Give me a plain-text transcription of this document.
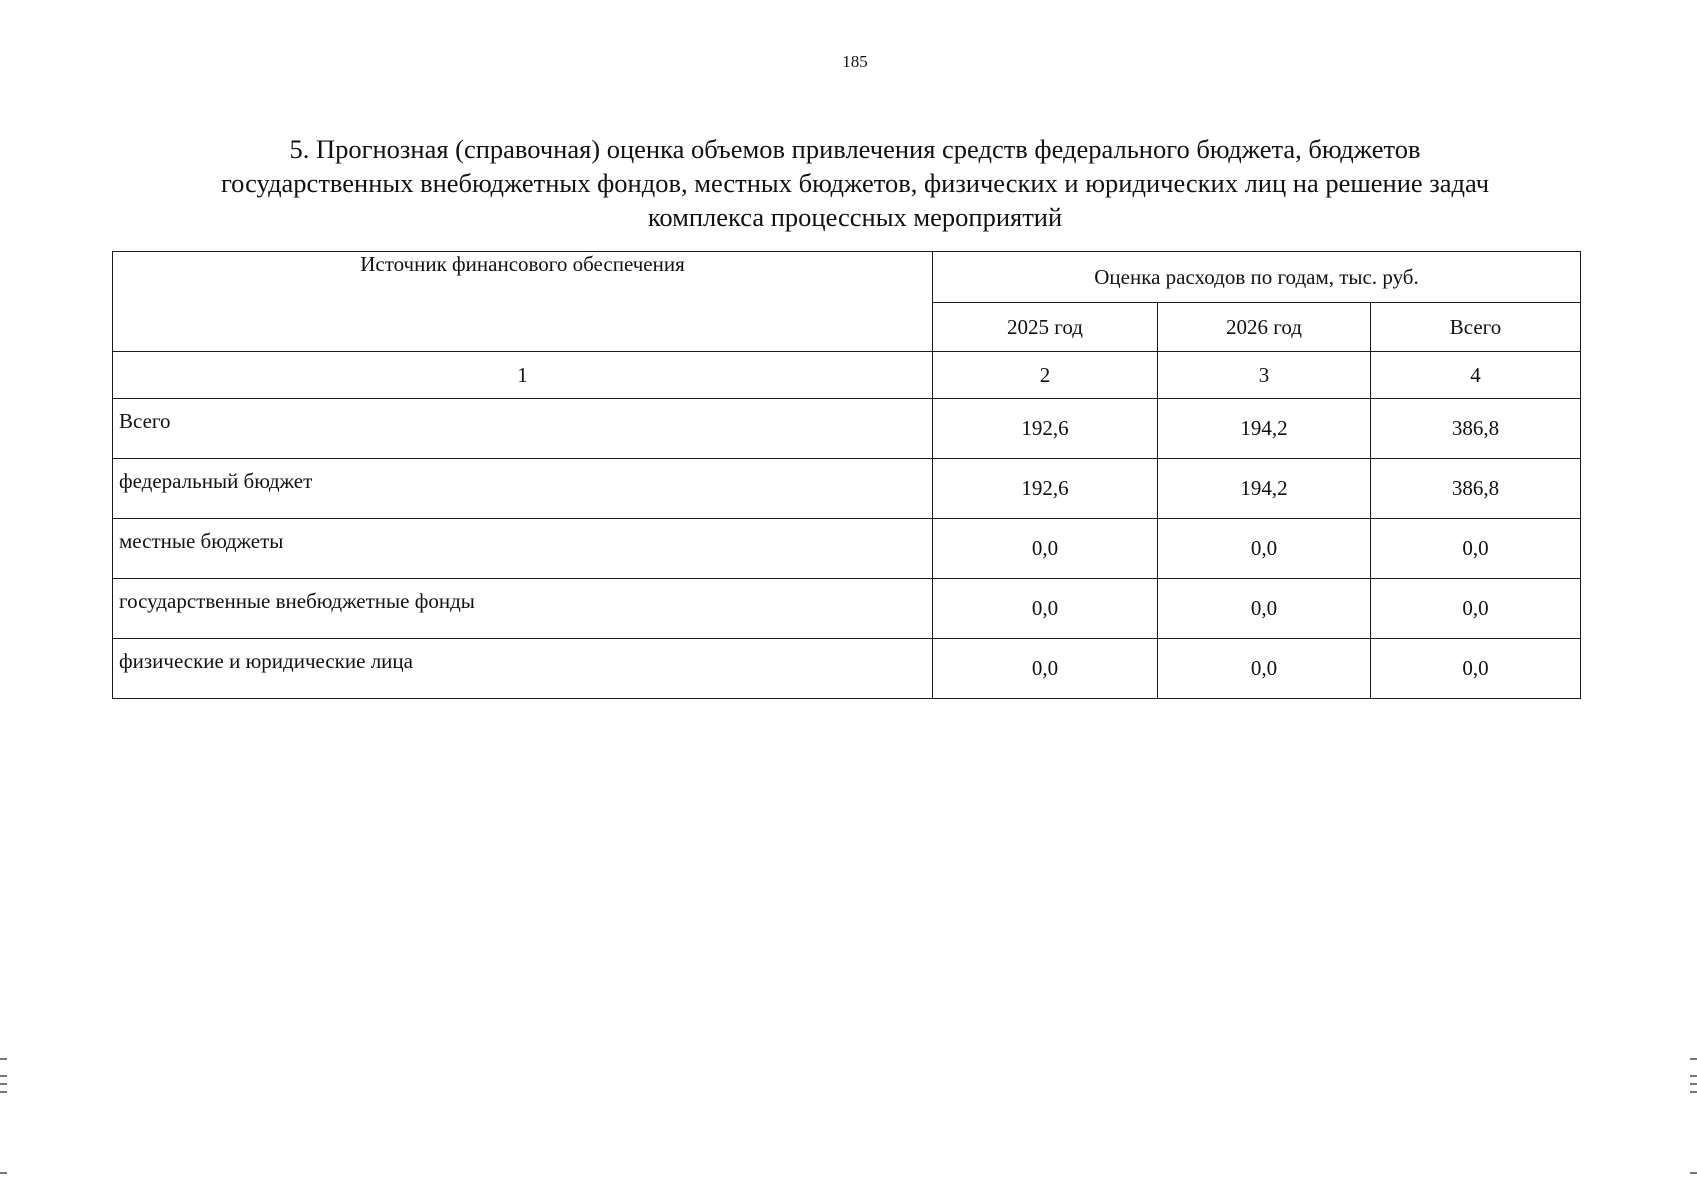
185
5. Прогнозная (справочная) оценка объемов привлечения средств федерального бюджета, бюджетов
государственных внебюджетных фондов, местных бюджетов, физических и юридических лиц на решение задач
комплекса процессных мероприятий
Источник финансового обеспечения	Оценка расходов по годам, тыс. руб.		
	2025 год	2026 год	Всего
1	2	3	4
Всего	192,6	194,2	386,8
федеральный бюджет	192,6	194,2	386,8
местные бюджеты	0,0	0,0	0,0
государственные внебюджетные фонды	0,0	0,0	0,0
физические и юридические лица	0,0	0,0	0,0
